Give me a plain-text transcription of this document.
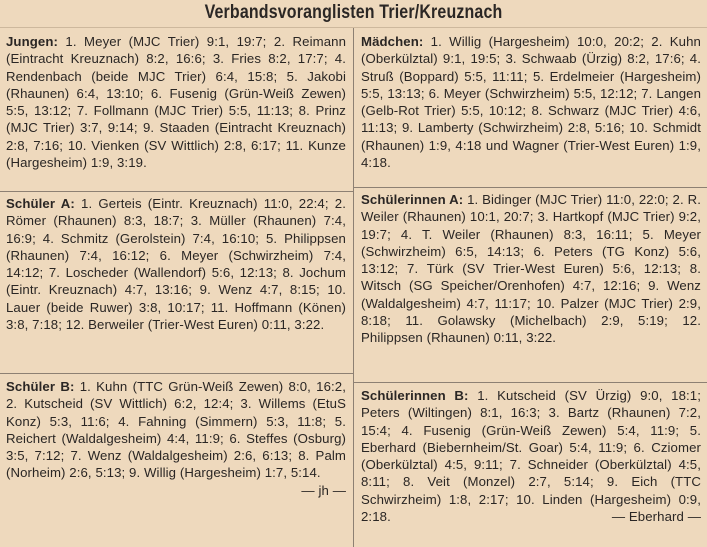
Verbandsvoranglisten Trier/Kreuznach

Jungen: 1. Meyer (MJC Trier) 9:1, 19:7; 2. Reimann (Eintracht Kreuznach) 8:2, 16:6; 3. Fries 8:2, 17:7; 4. Rendenbach (beide MJC Trier) 6:4, 15:8; 5. Jakobi (Rhaunen) 6:4, 13:10; 6. Fusenig (Grün-Weiß Zewen) 5:5, 13:12; 7. Follmann (MJC Trier) 5:5, 11:13; 8. Prinz (MJC Trier) 3:7, 9:14; 9. Staaden (Eintracht Kreuznach) 2:8, 7:16; 10. Vienken (SV Wittlich) 2:8, 6:17; 11. Kunze (Hargesheim) 1:9, 3:19.

Schüler A: 1. Gerteis (Eintr. Kreuznach) 11:0, 22:4; 2. Römer (Rhaunen) 8:3, 18:7; 3. Müller (Rhaunen) 7:4, 16:9; 4. Schmitz (Gerolstein) 7:4, 16:10; 5. Philippsen (Rhaunen) 7:4, 16:12; 6. Meyer (Schwirzheim) 7:4, 14:12; 7. Loscheder (Wallendorf) 5:6, 12:13; 8. Jochum (Eintr. Kreuznach) 4:7, 13:16; 9. Wenz 4:7, 8:15; 10. Lauer (beide Ruwer) 3:8, 10:17; 11. Hoffmann (Könen) 3:8, 7:18; 12. Berweiler (Trier-West Euren) 0:11, 3:22.

Schüler B: 1. Kuhn (TTC Grün-Weiß Zewen) 8:0, 16:2, 2. Kutscheid (SV Wittlich) 6:2, 12:4; 3. Willems (EtuS Konz) 5:3, 11:6; 4. Fahning (Simmern) 5:3, 11:8; 5. Reichert (Waldalgesheim) 4:4, 11:9; 6. Steffes (Osburg) 3:5, 7:12; 7. Wenz (Waldalgesheim) 2:6, 6:13; 8. Palm (Norheim) 2:6, 5:13; 9. Willig (Hargesheim) 1:7, 5:14.
— jh —

Mädchen: 1. Willig (Hargesheim) 10:0, 20:2; 2. Kuhn (Oberkülztal) 9:1, 19:5; 3. Schwaab (Ürzig) 8:2, 17:6; 4. Struß (Boppard) 5:5, 11:11; 5. Erdelmeier (Hargesheim) 5:5, 13:13; 6. Meyer (Schwirzheim) 5:5, 12:12; 7. Langen (Gelb-Rot Trier) 5:5, 10:12; 8. Schwarz (MJC Trier) 4:6, 11:13; 9. Lamberty (Schwirzheim) 2:8, 5:16; 10. Schmidt (Rhaunen) 1:9, 4:18 und Wagner (Trier-West Euren) 1:9, 4:18.

Schülerinnen A: 1. Bidinger (MJC Trier) 11:0, 22:0; 2. R. Weiler (Rhaunen) 10:1, 20:7; 3. Hartkopf (MJC Trier) 9:2, 19:7; 4. T. Weiler (Rhaunen) 8:3, 16:11; 5. Meyer (Schwirzheim) 6:5, 14:13; 6. Peters (TG Konz) 5:6, 13:12; 7. Türk (SV Trier-West Euren) 5:6, 12:13; 8. Witsch (SG Speicher/Orenhofen) 4:7, 12:16; 9. Wenz (Waldalgesheim) 4:7, 11:17; 10. Palzer (MJC Trier) 2:9, 8:18; 11. Golawsky (Michelbach) 2:9, 5:19; 12. Philippsen (Rhaunen) 0:11, 3:22.

Schülerinnen B: 1. Kutscheid (SV Ürzig) 9:0, 18:1; Peters (Wiltingen) 8:1, 16:3; 3. Bartz (Rhaunen) 7:2, 15:4; 4. Fusenig (Grün-Weiß Zewen) 5:4, 11:9; 5. Eberhard (Biebernheim/St. Goar) 5:4, 11:9; 6. Cziomer (Oberkülztal) 4:5, 9:11; 7. Schneider (Oberkülztal) 4:5, 8:11; 8. Veit (Monzel) 2:7, 5:14; 9. Eich (TTC Schwirzheim) 1:8, 2:17; 10. Linden (Hargesheim) 0:9, 2:18.	— Eberhard —
